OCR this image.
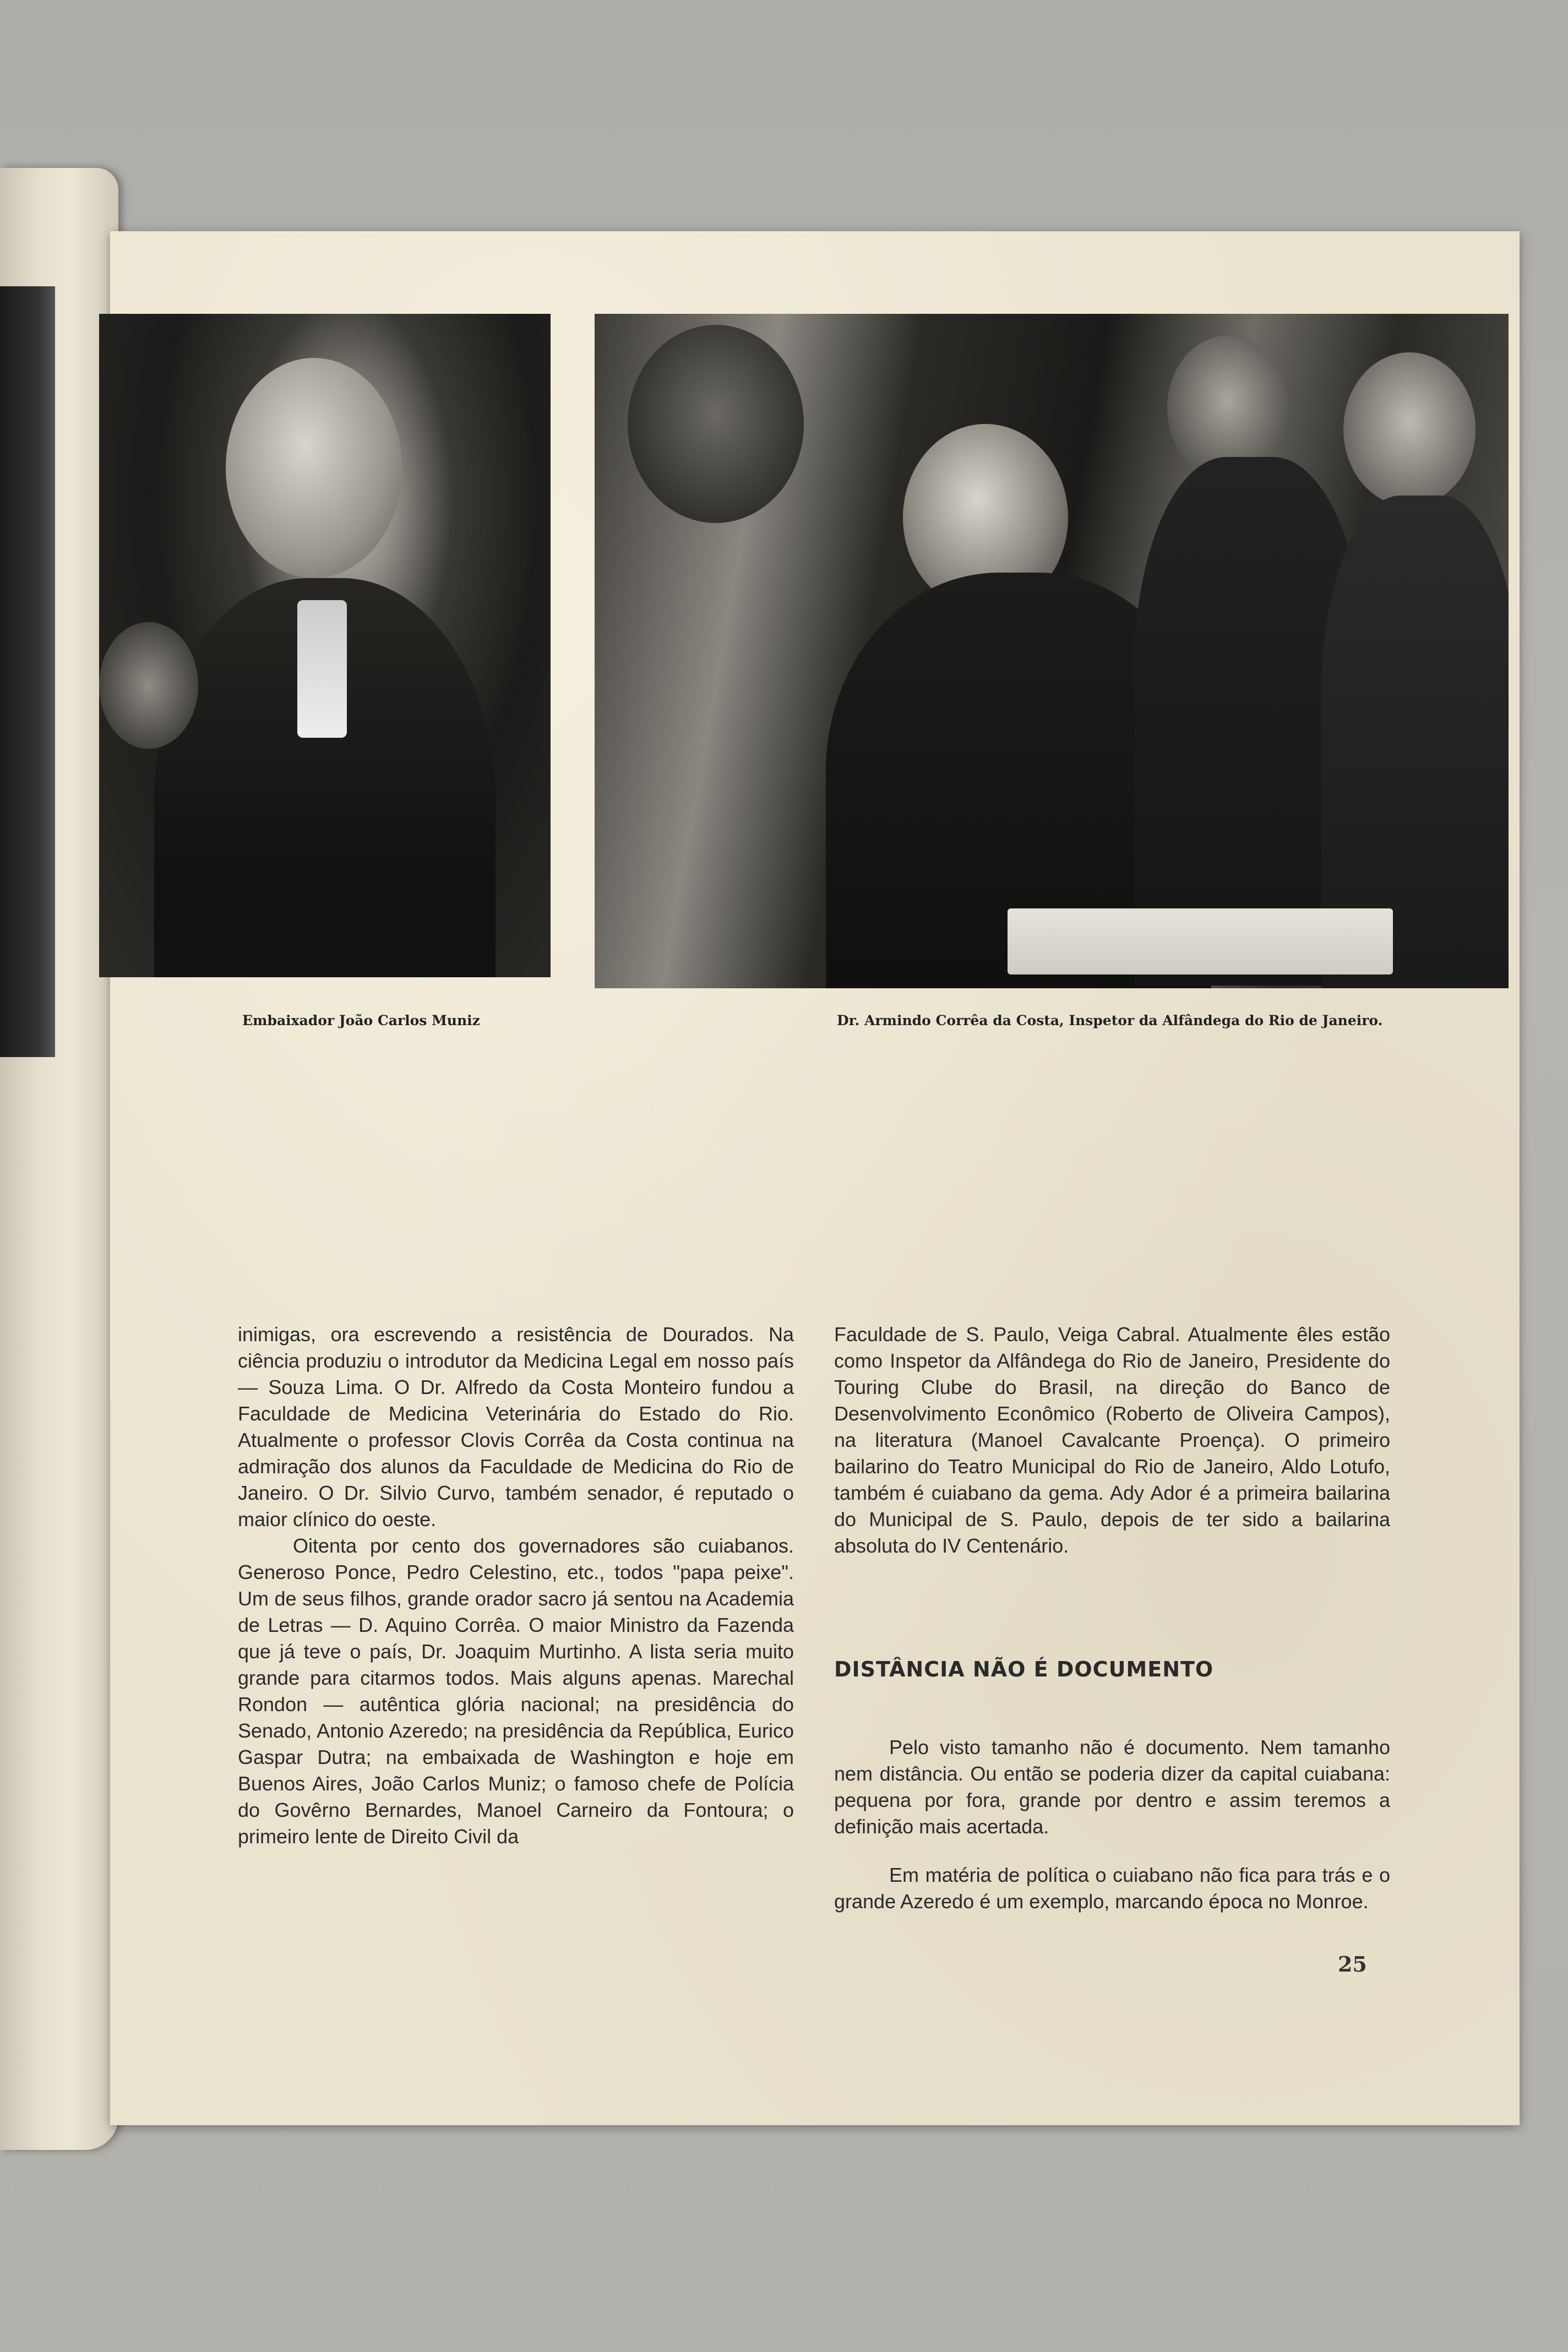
Embaixador João Carlos Muniz	Dr. Armindo Corrêa da Costa, Inspetor da Alfândega do Rio de Janeiro.

inimigas, ora escrevendo a resistência de Dourados. Na ciência produziu o introdutor da Medicina Legal em nosso país — Souza Lima. O Dr. Alfredo da Costa Monteiro fundou a Faculdade de Medicina Veterinária do Estado do Rio. Atualmente o professor Clovis Corrêa da Costa continua na admiração dos alunos da Faculdade de Medicina do Rio de Janeiro. O Dr. Silvio Curvo, também senador, é reputado o maior clínico do oeste.

Oitenta por cento dos governadores são cuiabanos. Generoso Ponce, Pedro Celestino, etc., todos "papa peixe". Um de seus filhos, grande orador sacro já sentou na Academia de Letras — D. Aquino Corrêa. O maior Ministro da Fazenda que já teve o país, Dr. Joaquim Murtinho. A lista seria muito grande para citarmos todos. Mais alguns apenas. Marechal Rondon — autêntica glória nacional; na presidência do Senado, Antonio Azeredo; na presidência da República, Eurico Gaspar Dutra; na embaixada de Washington e hoje em Buenos Aires, João Carlos Muniz; o famoso chefe de Polícia do Govêrno Bernardes, Manoel Carneiro da Fontoura; o primeiro lente de Direito Civil da

Faculdade de S. Paulo, Veiga Cabral. Atualmente êles estão como Inspetor da Alfândega do Rio de Janeiro, Presidente do Touring Clube do Brasil, na direção do Banco de Desenvolvimento Econômico (Roberto de Oliveira Campos), na literatura (Manoel Cavalcante Proença). O primeiro bailarino do Teatro Municipal do Rio de Janeiro, Aldo Lotufo, também é cuiabano da gema. Ady Ador é a primeira bailarina do Municipal de S. Paulo, depois de ter sido a bailarina absoluta do IV Centenário.

DISTÂNCIA NÃO É DOCUMENTO

Pelo visto tamanho não é documento. Nem tamanho nem distância. Ou então se poderia dizer da capital cuiabana: pequena por fora, grande por dentro e assim teremos a definição mais acertada.

Em matéria de política o cuiabano não fica para trás e o grande Azeredo é um exemplo, marcando época no Monroe.

25
